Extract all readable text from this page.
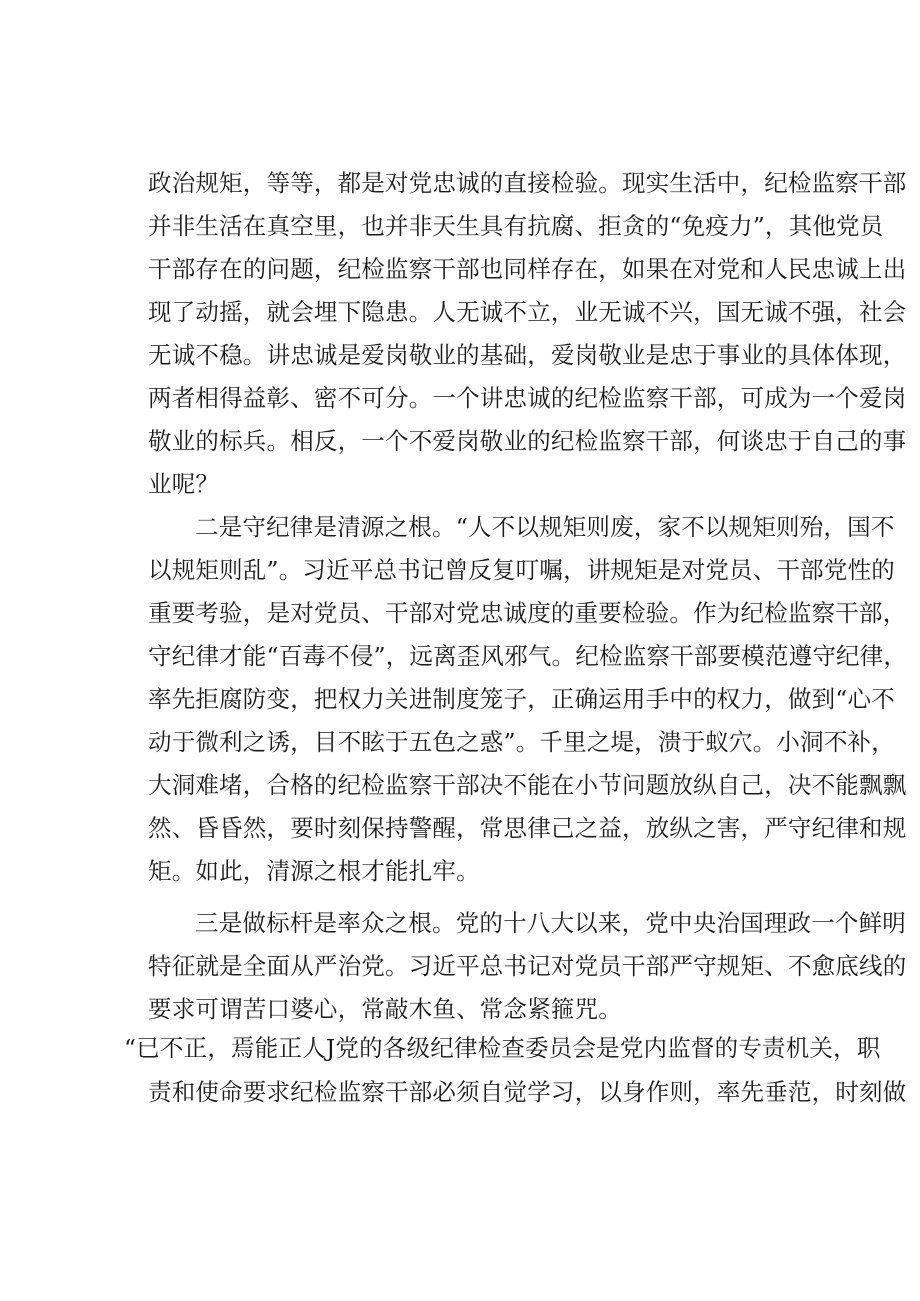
政治规矩，等等，都是对党忠诚的直接检验。现实生活中，纪检监察干部

并非生活在真空里，也并非天生具有抗腐、拒贪的“免疫力”，其他党员

干部存在的问题，纪检监察干部也同样存在，如果在对党和人民忠诚上出

现了动摇，就会埋下隐患。人无诚不立，业无诚不兴，国无诚不强，社会

无诚不稳。讲忠诚是爱岗敬业的基础，爱岗敬业是忠于事业的具体体现，

两者相得益彰、密不可分。一个讲忠诚的纪检监察干部，可成为一个爱岗

敬业的标兵。相反，一个不爱岗敬业的纪检监察干部，何谈忠于自己的事

业呢？

二是守纪律是清源之根。“人不以规矩则废，家不以规矩则殆，国不

以规矩则乱”。习近平总书记曾反复叮嘱，讲规矩是对党员、干部党性的

重要考验，是对党员、干部对党忠诚度的重要检验。作为纪检监察干部，

守纪律才能“百毒不侵”，远离歪风邪气。纪检监察干部要模范遵守纪律，

率先拒腐防变，把权力关进制度笼子，正确运用手中的权力，做到“心不

动于微利之诱，目不眩于五色之惑”。千里之堤，溃于蚁穴。小洞不补，

大洞难堵，合格的纪检监察干部决不能在小节问题放纵自己，决不能飘飘

然、昏昏然，要时刻保持警醒，常思律己之益，放纵之害，严守纪律和规

矩。如此，清源之根才能扎牢。

三是做标杆是率众之根。党的十八大以来，党中央治国理政一个鲜明

特征就是全面从严治党。习近平总书记对党员干部严守规矩、不愈底线的

要求可谓苦口婆心，常敲木鱼、常念紧箍咒。

“已不正，焉能正人J党的各级纪律检查委员会是党内监督的专责机关，职

责和使命要求纪检监察干部必须自觉学习，以身作则，率先垂范，时刻做
